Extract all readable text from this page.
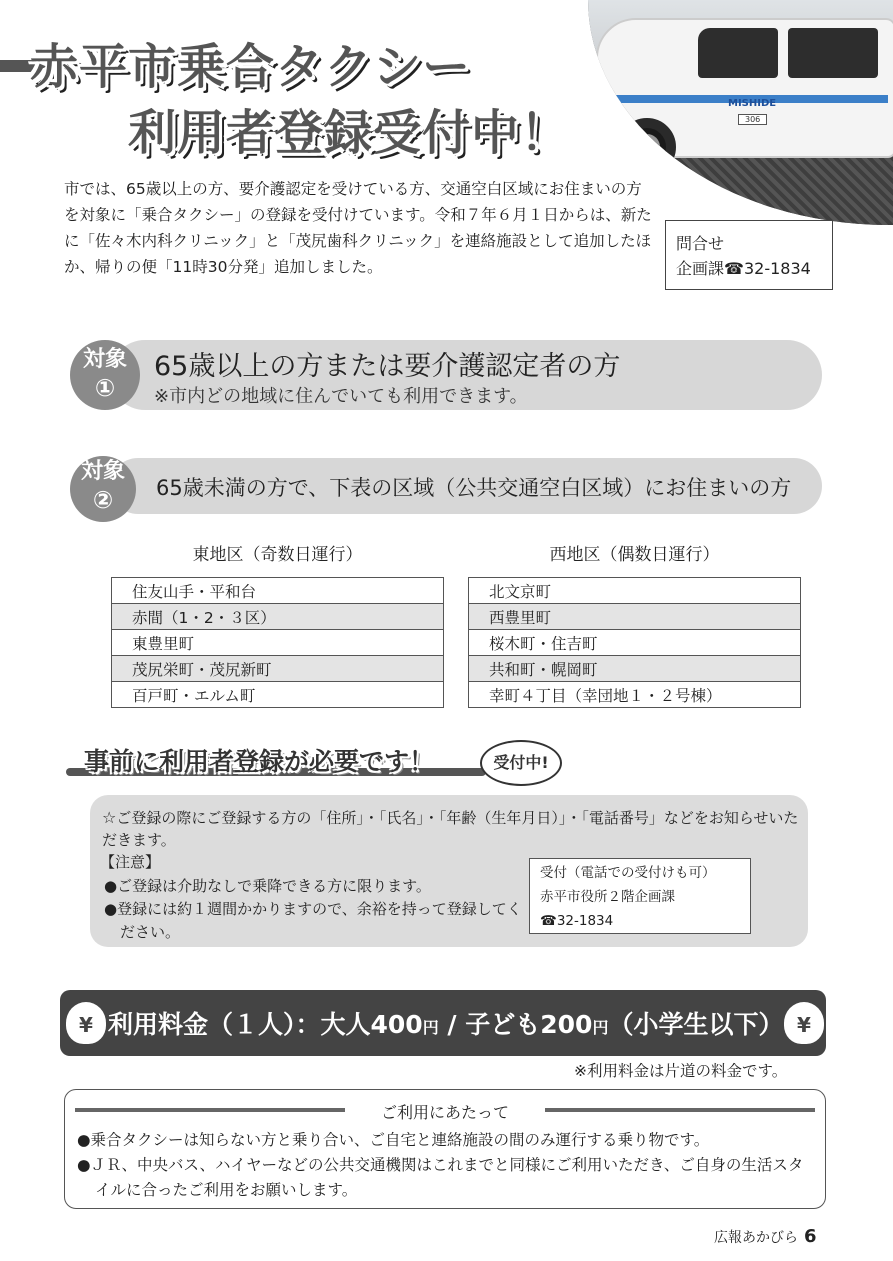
赤平市乗合タクシー
利用者登録受付中！
MISHIDE
306

市では、65歳以上の方、要介護認定を受けている方、交通空白区域にお住まいの方を対象に「乗合タクシー」の登録を受付けています。令和７年６月１日からは、新たに「佐々木内科クリニック」と「茂尻歯科クリニック」を連絡施設として追加したほか、帰りの便「11時30分発」追加しました。

問合せ
企画課☎32-1834
対象
①
65歳以上の方または要介護認定者の方
※市内どの地域に住んでいても利用できます。
対象
②	65歳未満の方で、下表の区域（公共交通空白区域）にお住まいの方
東地区（奇数日運行）
住友山手・平和台
赤間（1・2・３区）
東豊里町
茂尻栄町・茂尻新町
百戸町・エルム町
西地区（偶数日運行）
北文京町
西豊里町
桜木町・住吉町
共和町・幌岡町
幸町４丁目（幸団地１・２号棟）
事前に利用者登録が必要です！	受付中!
☆ご登録の際にご登録する方の「住所」・「氏名」・「年齢（生年月日）」・「電話番号」などをお知らせいただきます。
【注意】
●ご登録は介助なしで乗降できる方に限ります。
●登録には約１週間かかりますので、余裕を持って登録してください。
受付（電話での受付けも可）
赤平市役所２階企画課
☎32-1834
¥ 利用料金（１人）：大人400円 / 子ども200円（小学生以下） ¥
※利用料金は片道の料金です。
ご利用にあたって
●乗合タクシーは知らない方と乗り合い、ご自宅と連絡施設の間のみ運行する乗り物です。
●ＪＲ、中央バス、ハイヤーなどの公共交通機関はこれまでと同様にご利用いただき、ご自身の生活スタイルに合ったご利用をお願いします。
広報あかびら 6
